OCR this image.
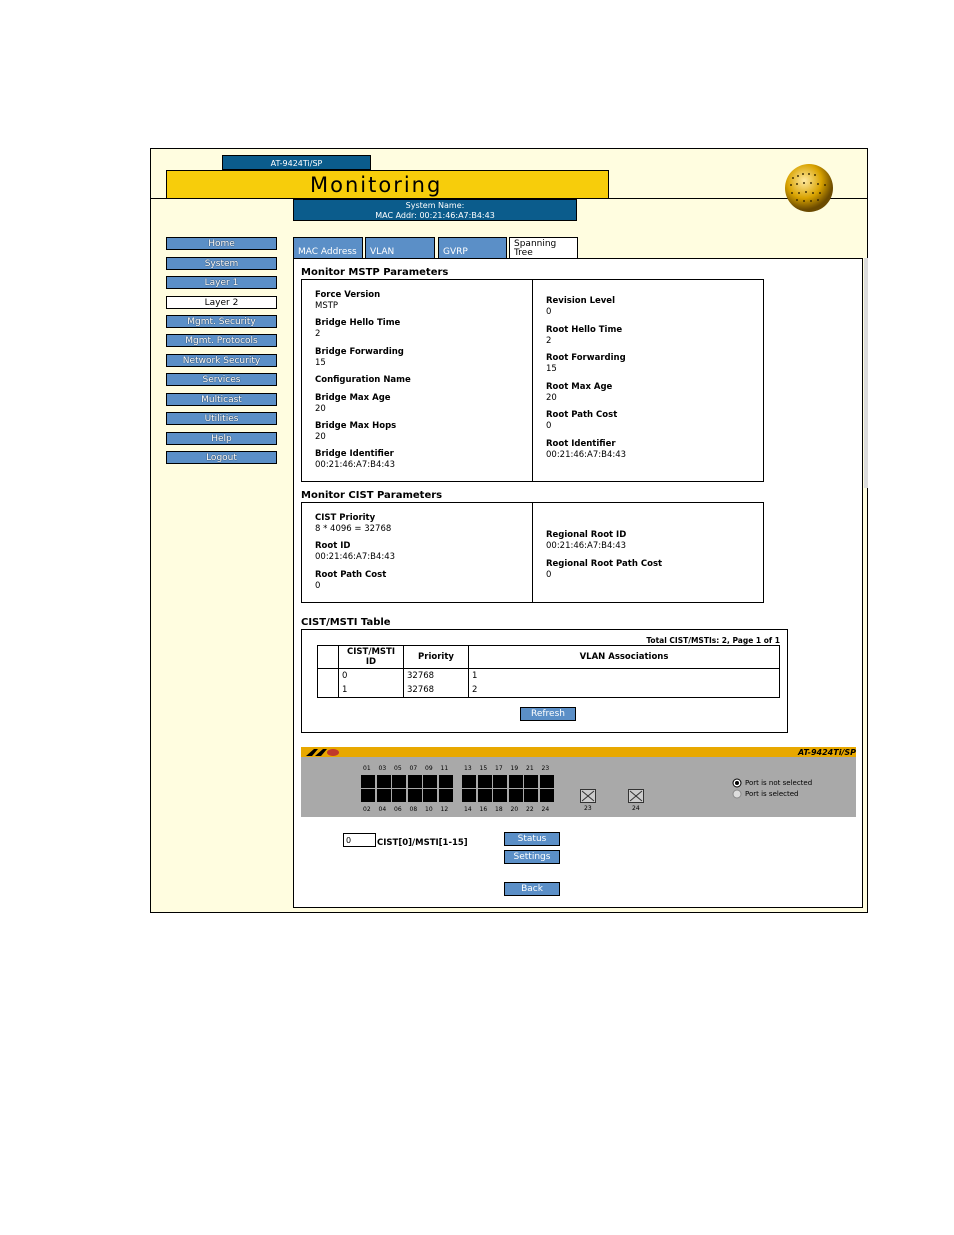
AT-9424Ti/SP
Monitoring
System Name:
MAC Addr: 00:21:46:A7:B4:43
Home
System
Layer 1
Layer 2
Mgmt. Security
Mgmt. Protocols
Network Security
Services
Multicast
Utilities
Help
Logout
MAC Address	VLAN	GVRP
Spanning Tree
Monitor MSTP Parameters
Force Version
MSTP
Bridge Hello Time
2
Bridge Forwarding
15
Configuration Name
Bridge Max Age
20
Bridge Max Hops
20
Bridge Identifier
00:21:46:A7:B4:43
Revision Level
0
Root Hello Time
2
Root Forwarding
15
Root Max Age
20
Root Path Cost
0
Root Identifier
00:21:46:A7:B4:43
Monitor CIST Parameters
CIST Priority
8 * 4096 = 32768
Root ID
00:21:46:A7:B4:43
Root Path Cost
0
Regional Root ID
00:21:46:A7:B4:43
Regional Root Path Cost
0
CIST/MSTI Table
Total CIST/MSTIs: 2, Page 1 of 1
	CIST/MSTI ID	Priority	VLAN Associations
	0	32768	1
	1	32768	2
Refresh
AT-9424Ti/SP
01
02
03
04
05
06
07
08
09
10
11
12
13
14
15
16
17
18
19
20
21
22
23
24	23	24
Port is not selected
Port is selected
0
CIST[0]/MSTI[1-15]	Status
Settings
Back
